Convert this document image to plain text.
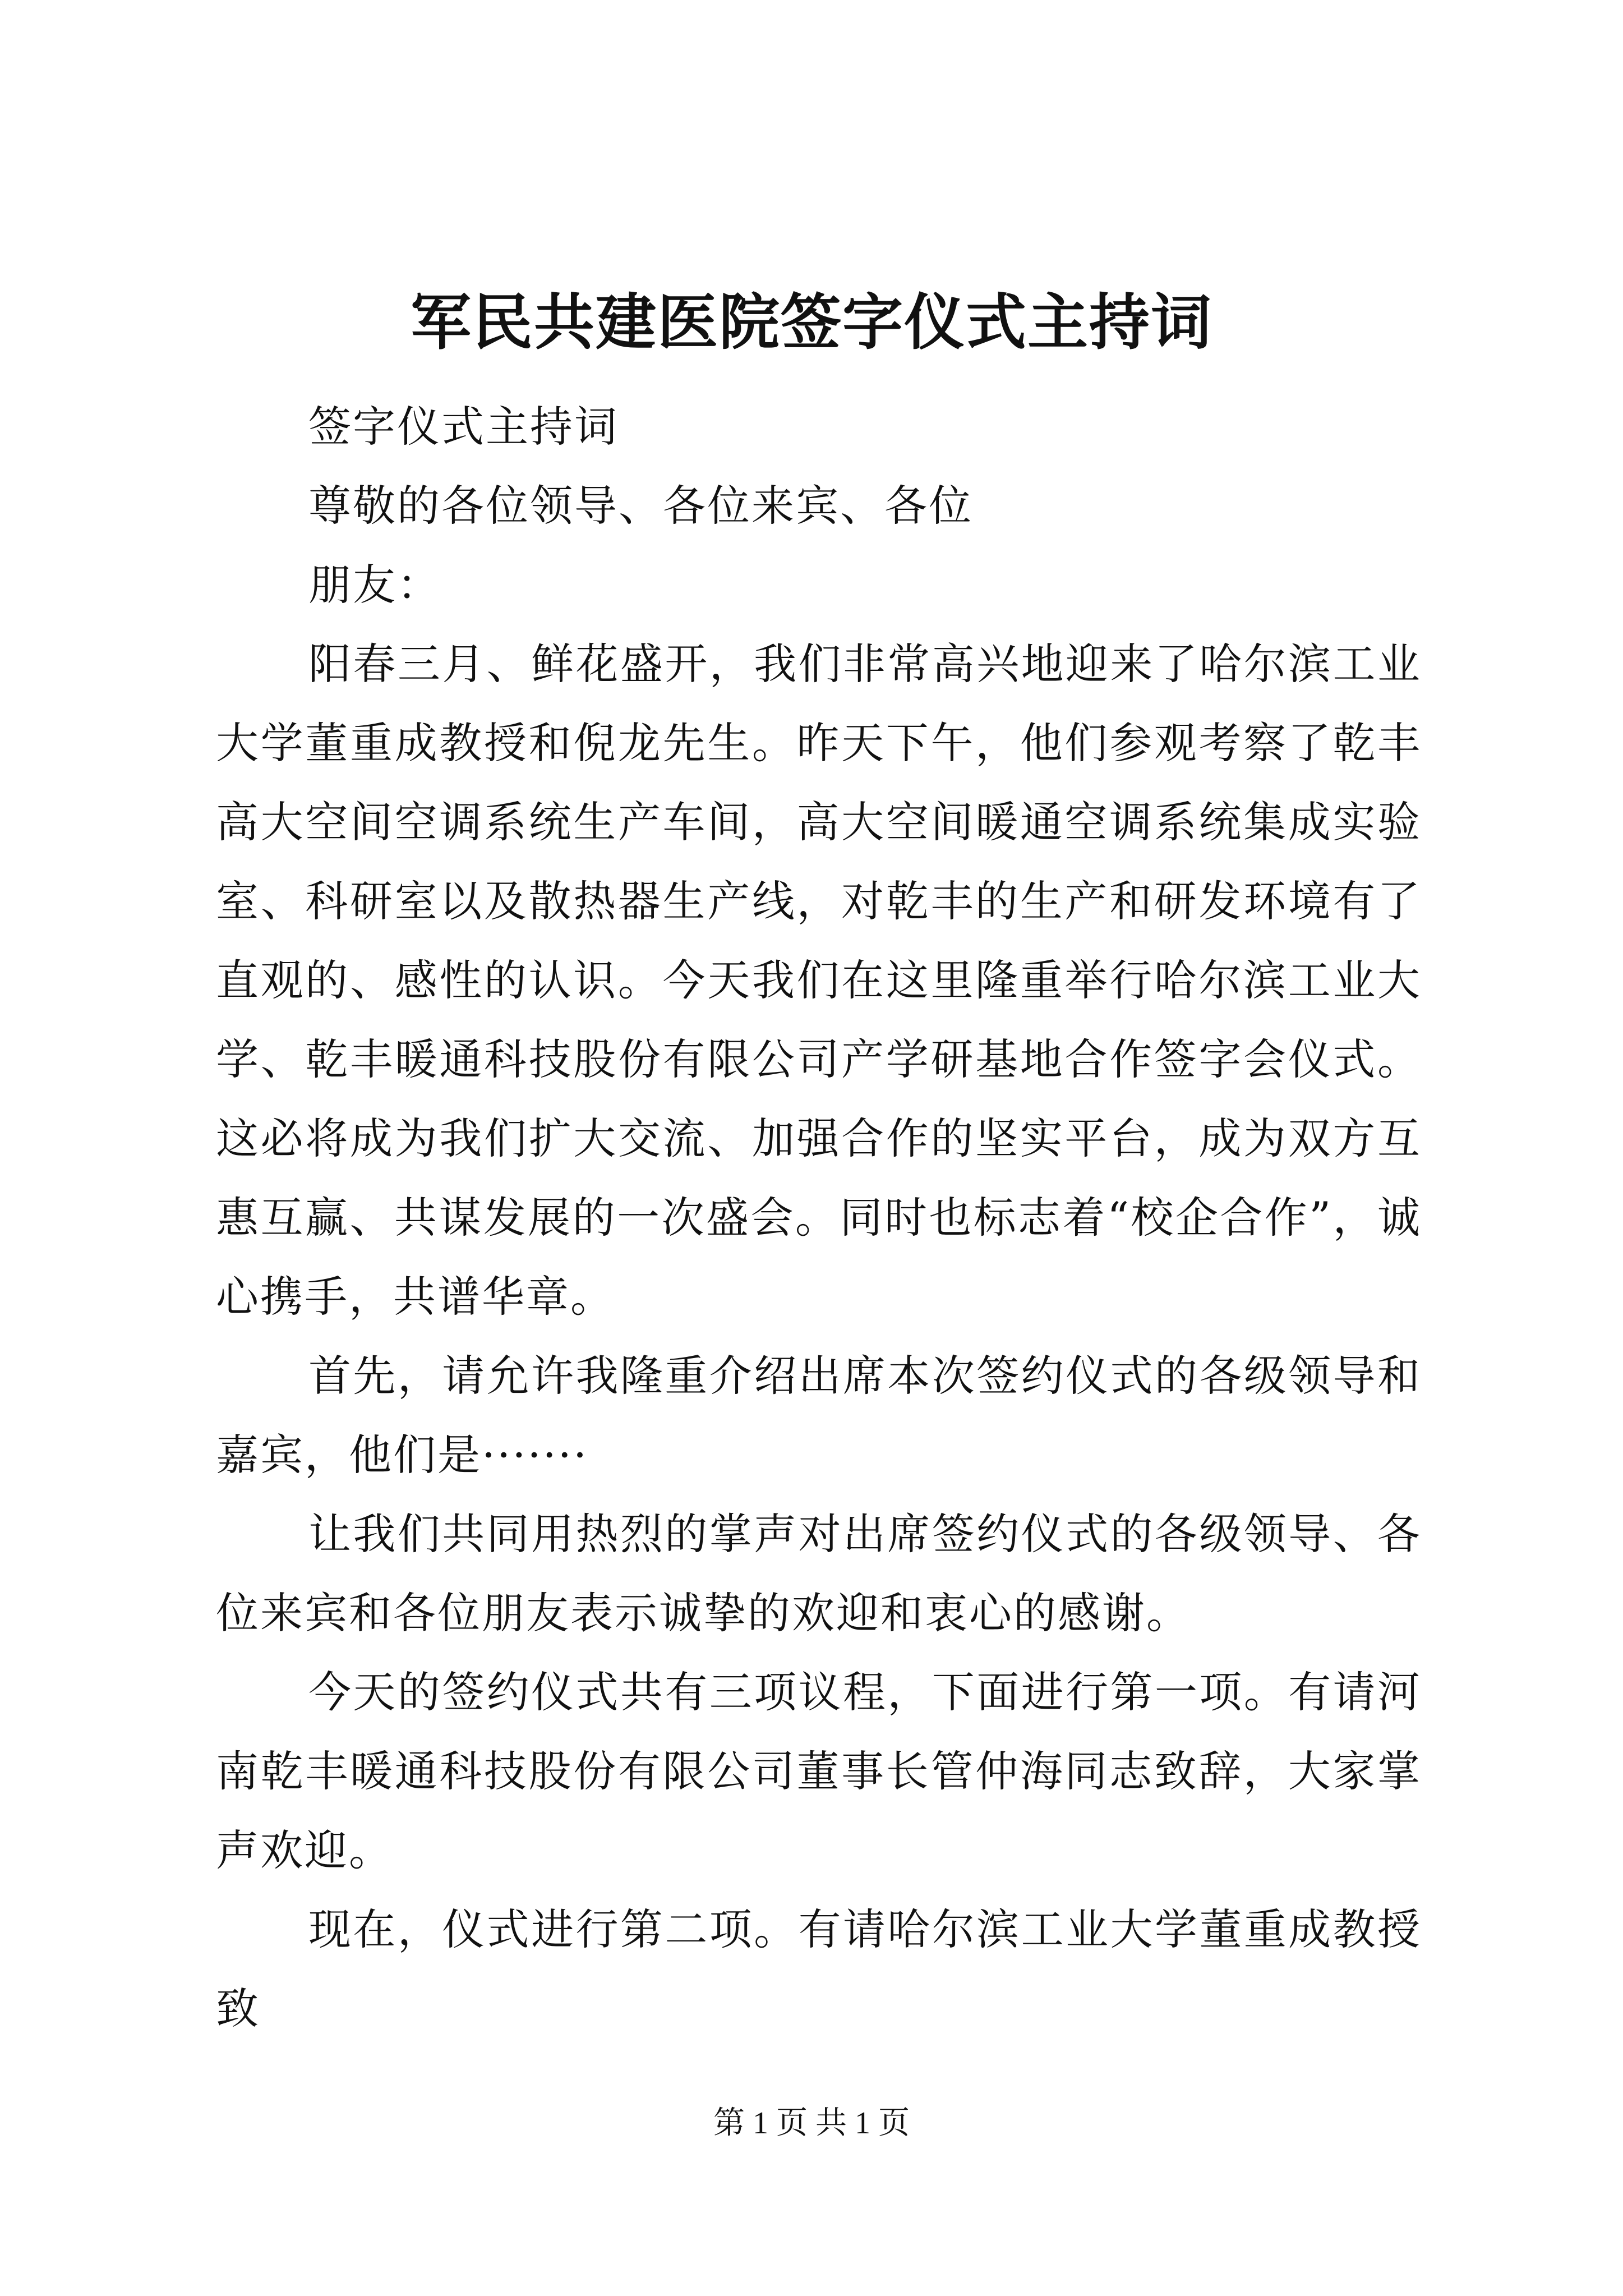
军民共建医院签字仪式主持词

签字仪式主持词

尊敬的各位领导、各位来宾、各位

朋友：

阳春三月、鲜花盛开，我们非常高兴地迎来了哈尔滨工业大学董重成教授和倪龙先生。昨天下午，他们参观考察了乾丰高大空间空调系统生产车间，高大空间暖通空调系统集成实验室、科研室以及散热器生产线，对乾丰的生产和研发环境有了直观的、感性的认识。今天我们在这里隆重举行哈尔滨工业大学、乾丰暖通科技股份有限公司产学研基地合作签字会仪式。这必将成为我们扩大交流、加强合作的坚实平台，成为双方互惠互赢、共谋发展的一次盛会。同时也标志着“校企合作”，诚心携手，共谱华章。

首先，请允许我隆重介绍出席本次签约仪式的各级领导和嘉宾，他们是·······

让我们共同用热烈的掌声对出席签约仪式的各级领导、各位来宾和各位朋友表示诚挚的欢迎和衷心的感谢。

今天的签约仪式共有三项议程，下面进行第一项。有请河南乾丰暖通科技股份有限公司董事长管仲海同志致辞，大家掌声欢迎。

现在，仪式进行第二项。有请哈尔滨工业大学董重成教授致

第 1 页 共 1 页
